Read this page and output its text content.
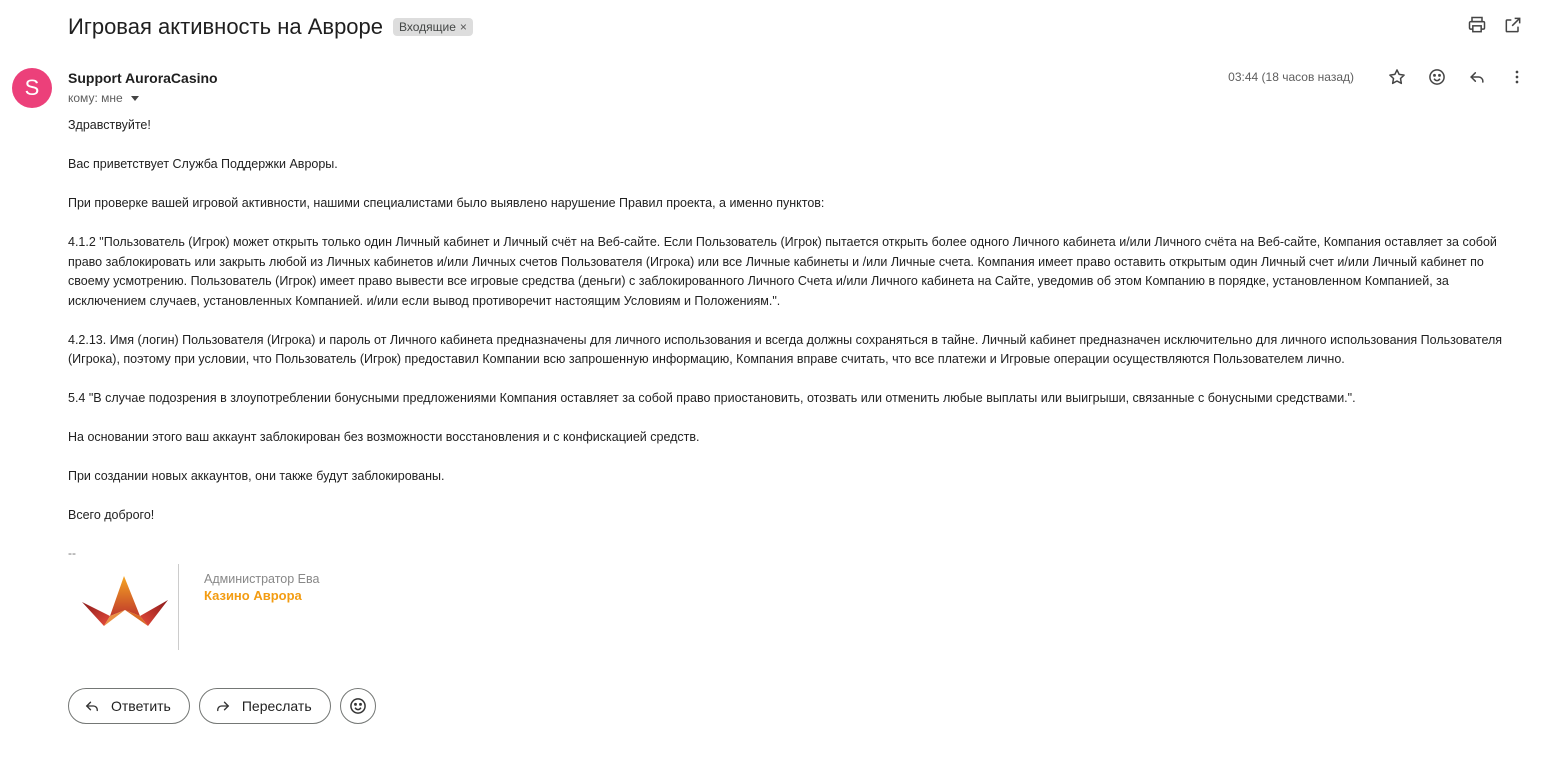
Игровая активность на Авроре Входящие ×
S	Support AuroraCasino
кому: мне
03:44 (18 часов назад)

Здравствуйте!

Вас приветствует Служба Поддержки Авроры.

При проверке вашей игровой активности, нашими специалистами было выявлено нарушение Правил проекта, а именно пунктов:

4.1.2 "Пользователь (Игрок) может открыть только один Личный кабинет и Личный счёт на Веб-сайте. Если Пользователь (Игрок) пытается открыть более одного Личного кабинета и/или Личного счёта на Веб-сайте, Компания оставляет за собой право заблокировать или закрыть любой из Личных кабинетов и/или Личных счетов Пользователя (Игрока) или все Личные кабинеты и /или Личные счета. Компания имеет право оставить открытым один Личный счет и/или Личный кабинет по своему усмотрению. Пользователь (Игрок) имеет право вывести все игровые средства (деньги) с заблокированного Личного Счета и/или Личного кабинета на Сайте, уведомив об этом Компанию в порядке, установленном Компанией, за исключением случаев, установленных Компанией. и/или если вывод противоречит настоящим Условиям и Положениям.".

4.2.13. Имя (логин) Пользователя (Игрока) и пароль от Личного кабинета предназначены для личного использования и всегда должны сохраняться в тайне. Личный кабинет предназначен исключительно для личного использования Пользователя (Игрока), поэтому при условии, что Пользователь (Игрок) предоставил Компании всю запрошенную информацию, Компания вправе считать, что все платежи и Игровые операции осуществляются Пользователем лично.

5.4 "В случае подозрения в злоупотреблении бонусными предложениями Компания оставляет за собой право приостановить, отозвать или отменить любые выплаты или выигрыши, связанные с бонусными средствами.".

На основании этого ваш аккаунт заблокирован без возможности восстановления и с конфискацией средств.

При создании новых аккаунтов, они также будут заблокированы.

Всего доброго!

--
Администратор Ева
Казино Аврора
Ответить	Переслать
